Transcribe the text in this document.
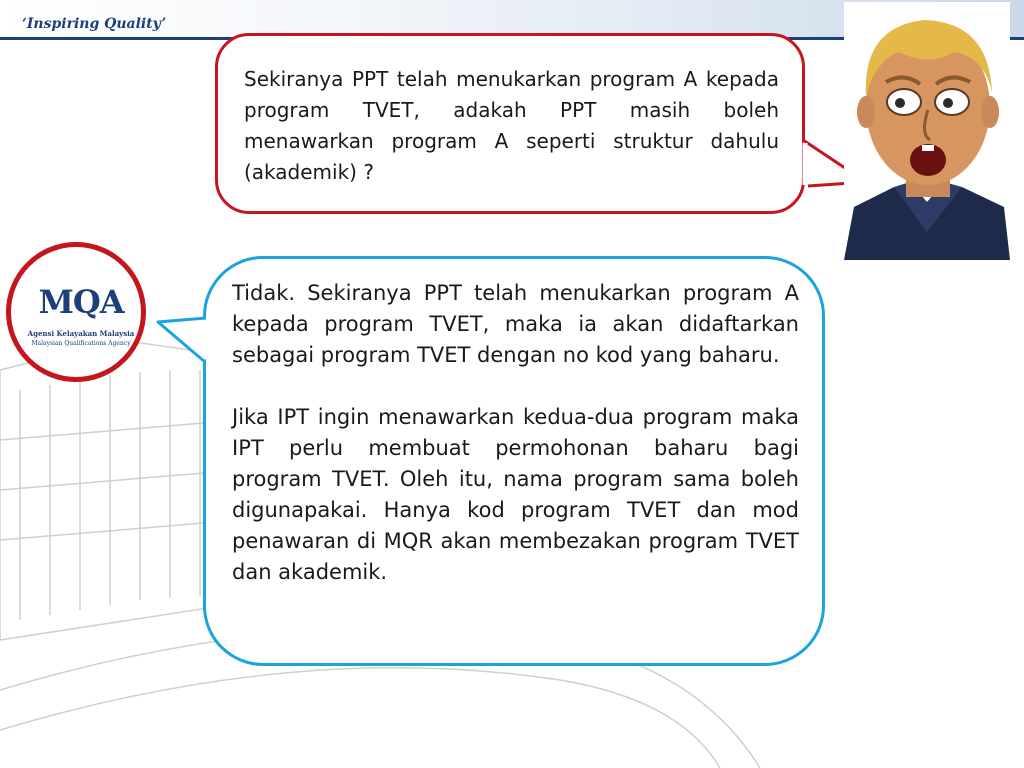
‘Inspiring Quality’
MQA
Agensi Kelayakan Malaysia
Malaysian Qualifications Agency
Sekiranya PPT telah menukarkan program A kepada program TVET, adakah PPT masih boleh menawarkan program A seperti struktur dahulu (akademik) ?

Tidak. Sekiranya PPT telah menukarkan program A kepada program TVET, maka ia akan didaftarkan sebagai program TVET dengan no kod yang baharu.

Jika IPT ingin menawarkan kedua-dua program maka IPT perlu membuat permohonan baharu bagi program TVET. Oleh itu, nama program sama boleh digunapakai. Hanya kod program TVET dan mod penawaran di MQR akan membezakan program TVET dan akademik.
